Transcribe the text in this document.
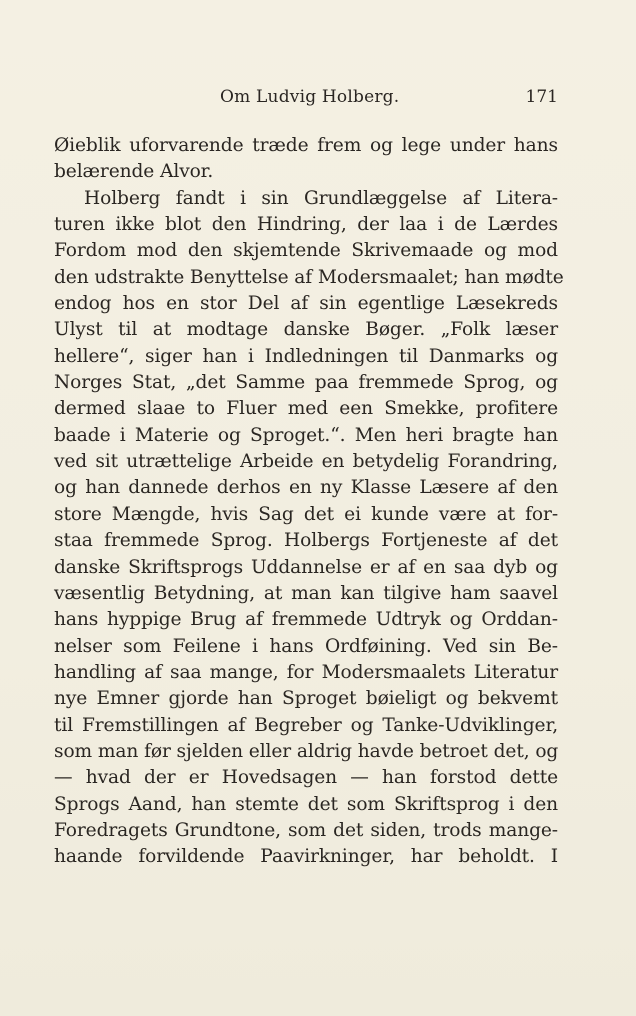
Om Ludvig Holberg.	171
Øieblik uforvarende træde frem og lege under hans
belærende Alvor.
Holberg fandt i sin Grundlæggelse af Litera-
turen ikke blot den Hindring, der laa i de Lærdes
Fordom mod den skjemtende Skrivemaade og mod
den udstrakte Benyttelse af Modersmaalet; han mødte
endog hos en stor Del af sin egentlige Læsekreds
Ulyst til at modtage danske Bøger. „Folk læser
hellere“, siger han i Indledningen til Danmarks og
Norges Stat, „det Samme paa fremmede Sprog, og
dermed slaae to Fluer med een Smekke, profitere
baade i Materie og Sproget.“. Men heri bragte han
ved sit utrættelige Arbeide en betydelig Forandring,
og han dannede derhos en ny Klasse Læsere af den
store Mængde, hvis Sag det ei kunde være at for-
staa fremmede Sprog. Holbergs Fortjeneste af det
danske Skriftsprogs Uddannelse er af en saa dyb og
væsentlig Betydning, at man kan tilgive ham saavel
hans hyppige Brug af fremmede Udtryk og Orddan-
nelser som Feilene i hans Ordføining. Ved sin Be-
handling af saa mange, for Modersmaalets Literatur
nye Emner gjorde han Sproget bøieligt og bekvemt
til Fremstillingen af Begreber og Tanke-Udviklinger,
som man før sjelden eller aldrig havde betroet det, og
— hvad der er Hovedsagen — han forstod dette
Sprogs Aand, han stemte det som Skriftsprog i den
Foredragets Grundtone, som det siden, trods mange-
haande forvildende Paavirkninger, har beholdt. I
